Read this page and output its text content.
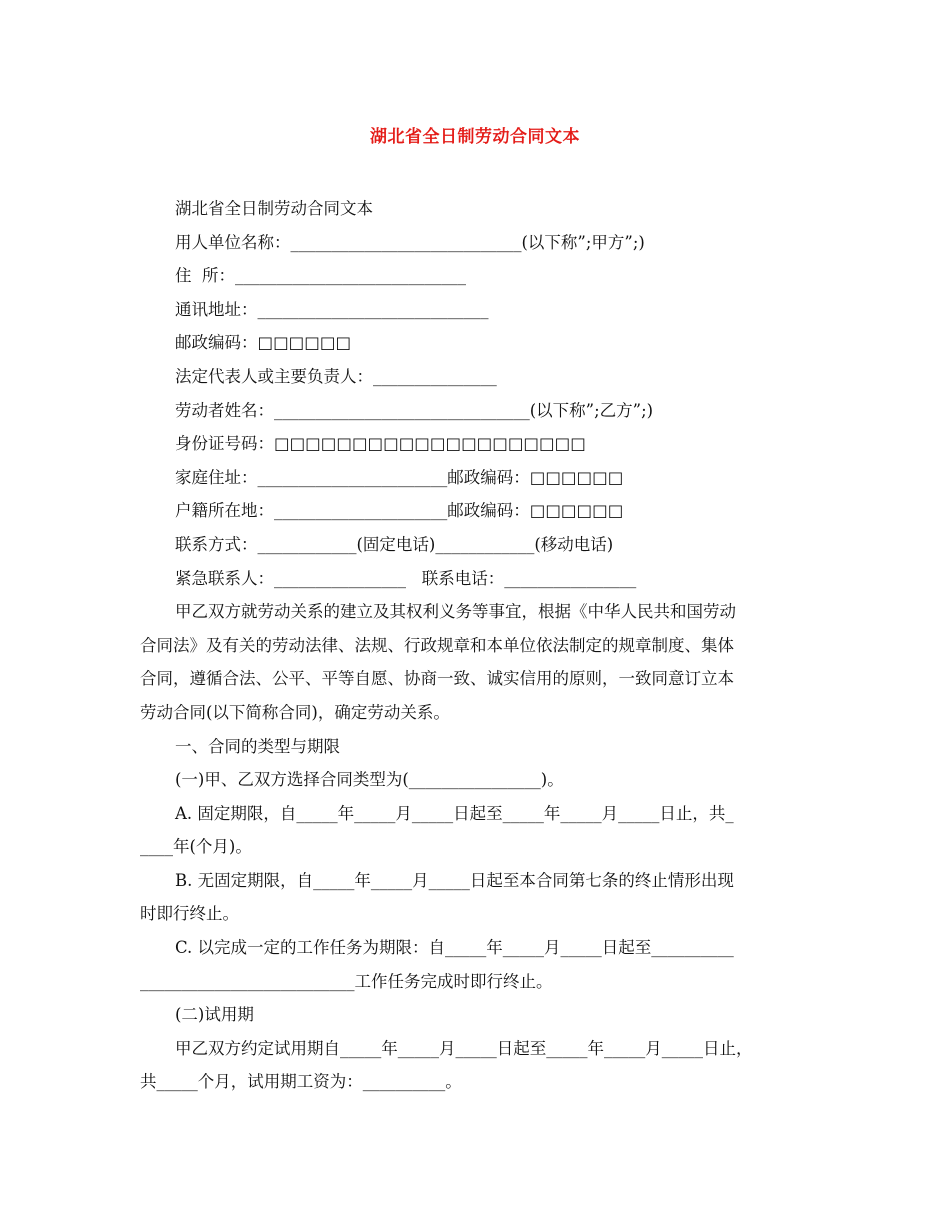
湖北省全日制劳动合同文本
湖北省全日制劳动合同文本
用人单位名称：____________________________(以下称”;甲方”;)
住  所：____________________________
通讯地址：____________________________
邮政编码：□□□□□□
法定代表人或主要负责人：_______________
劳动者姓名：_______________________________(以下称”;乙方”;)
身份证号码：□□□□□□□□□□□□□□□□□□□□
家庭住址：_______________________邮政编码：□□□□□□
户籍所在地：_____________________邮政编码：□□□□□□
联系方式：____________(固定电话)____________(移动电话)
紧急联系人：________________   联系电话：________________
甲乙双方就劳动关系的建立及其权利义务等事宜，根据《中华人民共和国劳动
合同法》及有关的劳动法律、法规、行政规章和本单位依法制定的规章制度、集体
合同，遵循合法、公平、平等自愿、协商一致、诚实信用的原则，一致同意订立本
劳动合同(以下简称合同)，确定劳动关系。
一、合同的类型与期限
(一)甲、乙双方选择合同类型为(________________)。
A. 固定期限，自_____年_____月_____日起至_____年_____月_____日止，共_
____年(个月)。
B. 无固定期限，自_____年_____月_____日起至本合同第七条的终止情形出现
时即行终止。
C. 以完成一定的工作任务为期限：自_____年_____月_____日起至__________
__________________________工作任务完成时即行终止。
(二)试用期
甲乙双方约定试用期自_____年_____月_____日起至_____年_____月_____日止，
共_____个月，试用期工资为：__________。
